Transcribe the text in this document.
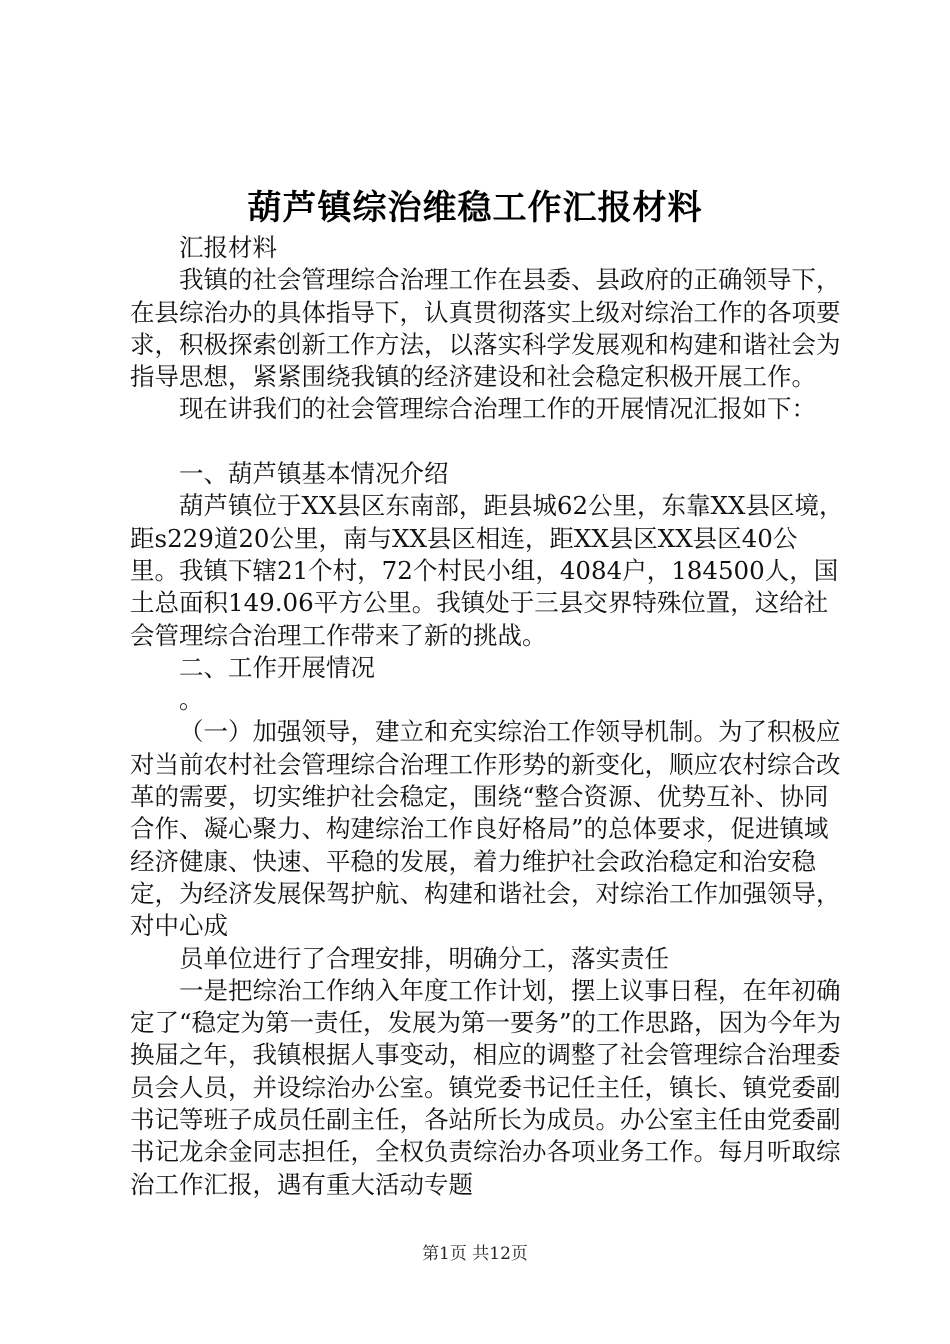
葫芦镇综治维稳工作汇报材料

汇报材料

我镇的社会管理综合治理工作在县委、县政府的正确领导下，在县综治办的具体指导下，认真贯彻落实上级对综治工作的各项要求，积极探索创新工作方法，以落实科学发展观和构建和谐社会为指导思想，紧紧围绕我镇的经济建设和社会稳定积极开展工作。

现在讲我们的社会管理综合治理工作的开展情况汇报如下：

一、葫芦镇基本情况介绍

葫芦镇位于XX县区东南部，距县城62公里，东靠XX县区境，距s229道20公里，南与XX县区相连，距XX县区XX县区40公里。我镇下辖21个村，72个村民小组，4084户，184500人，国土总面积149.06平方公里。我镇处于三县交界特殊位置，这给社会管理综合治理工作带来了新的挑战。

二、工作开展情况

。

（一）加强领导，建立和充实综治工作领导机制。为了积极应对当前农村社会管理综合治理工作形势的新变化，顺应农村综合改革的需要，切实维护社会稳定，围绕“整合资源、优势互补、协同合作、凝心聚力、构建综治工作良好格局”的总体要求，促进镇域经济健康、快速、平稳的发展，着力维护社会政治稳定和治安稳定，为经济发展保驾护航、构建和谐社会，对综治工作加强领导，对中心成

员单位进行了合理安排，明确分工，落实责任

一是把综治工作纳入年度工作计划，摆上议事日程，在年初确定了“稳定为第一责任，发展为第一要务”的工作思路，因为今年为换届之年，我镇根据人事变动，相应的调整了社会管理综合治理委员会人员，并设综治办公室。镇党委书记任主任，镇长、镇党委副书记等班子成员任副主任，各站所长为成员。办公室主任由党委副书记龙余金同志担任，全权负责综治办各项业务工作。每月听取综治工作汇报，遇有重大活动专题

第1页 共12页
